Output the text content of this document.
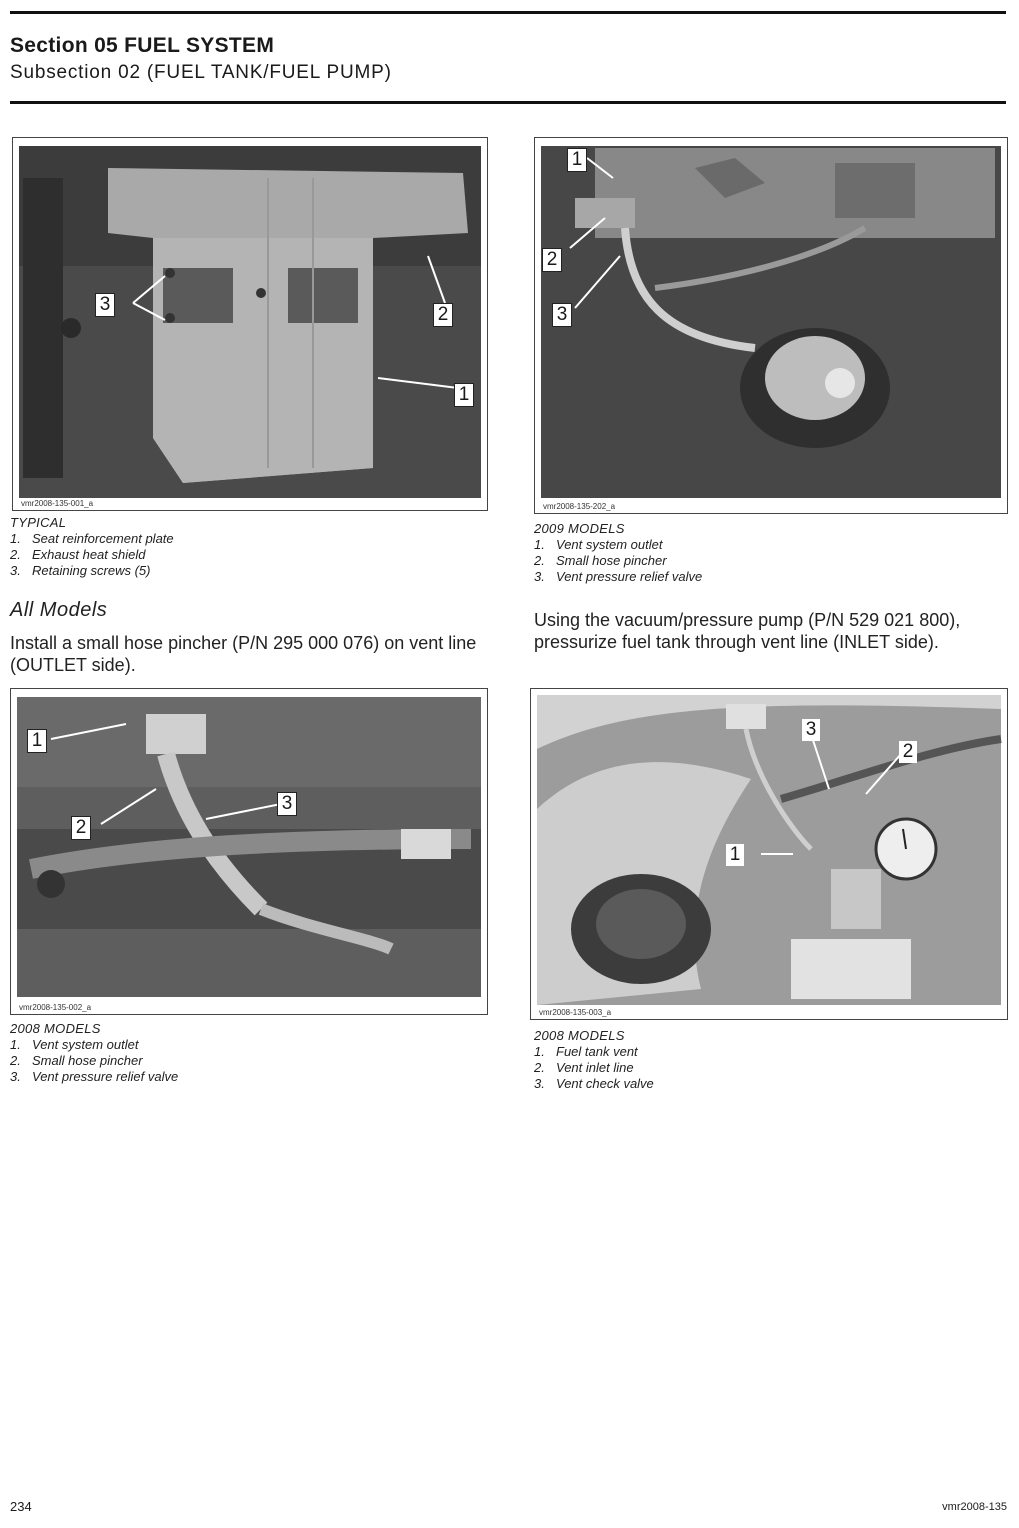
Section 05 FUEL SYSTEM
Subsection 02 (FUEL TANK/FUEL PUMP)
3	2
1
vmr2008-135-001_a
TYPICAL
1. Seat reinforcement plate
2. Exhaust heat shield
3. Retaining screws (5)
1
2
3
vmr2008-135-202_a
2009 MODELS
1. Vent system outlet
2. Small hose pincher
3. Vent pressure relief valve
All Models
Install a small hose pincher (P/N 295 000 076) on vent line (OUTLET side).
Using the vacuum/pressure pump (P/N 529 021 800), pressurize fuel tank through vent line (INLET side).
1
2
3
vmr2008-135-002_a
2008 MODELS
1. Vent system outlet
2. Small hose pincher
3. Vent pressure relief valve
1
2
3
vmr2008-135-003_a
2008 MODELS
1. Fuel tank vent
2. Vent inlet line
3. Vent check valve
234	vmr2008-135
